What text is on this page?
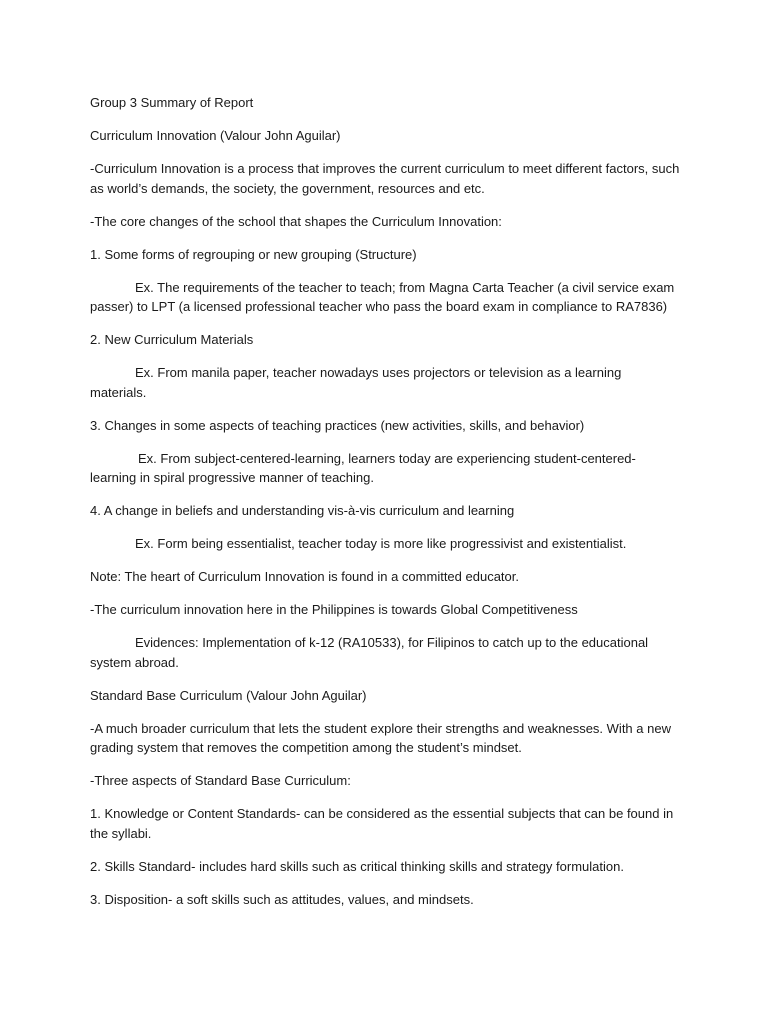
Group 3 Summary of Report

Curriculum Innovation (Valour John Aguilar)

-Curriculum Innovation is a process that improves the current curriculum to meet different factors, such as world’s demands, the society, the government, resources and etc.

-The core changes of the school that shapes the Curriculum Innovation:

1. Some forms of regrouping or new grouping (Structure)

Ex. The requirements of the teacher to teach; from Magna Carta Teacher (a civil service exam passer) to LPT (a licensed professional teacher who pass the board exam in compliance to RA7836)

2. New Curriculum Materials

Ex. From manila paper, teacher nowadays uses projectors or television as a learning materials.

3. Changes in some aspects of teaching practices (new activities, skills, and behavior)

Ex. From subject-centered-learning, learners today are experiencing student-centered-learning in spiral progressive manner of teaching.

4. A change in beliefs and understanding vis-à-vis curriculum and learning

Ex. Form being essentialist, teacher today is more like progressivist and existentialist.

Note: The heart of Curriculum Innovation is found in a committed educator.

-The curriculum innovation here in the Philippines is towards Global Competitiveness

Evidences: Implementation of k-12 (RA10533), for Filipinos to catch up to the educational system abroad.

Standard Base Curriculum (Valour John Aguilar)

-A much broader curriculum that lets the student explore their strengths and weaknesses. With a new grading system that removes the competition among the student’s mindset.

-Three aspects of Standard Base Curriculum:

1. Knowledge or Content Standards- can be considered as the essential subjects that can be found in the syllabi.

2. Skills Standard- includes hard skills such as critical thinking skills and strategy formulation.

3. Disposition- a soft skills such as attitudes, values, and mindsets.
